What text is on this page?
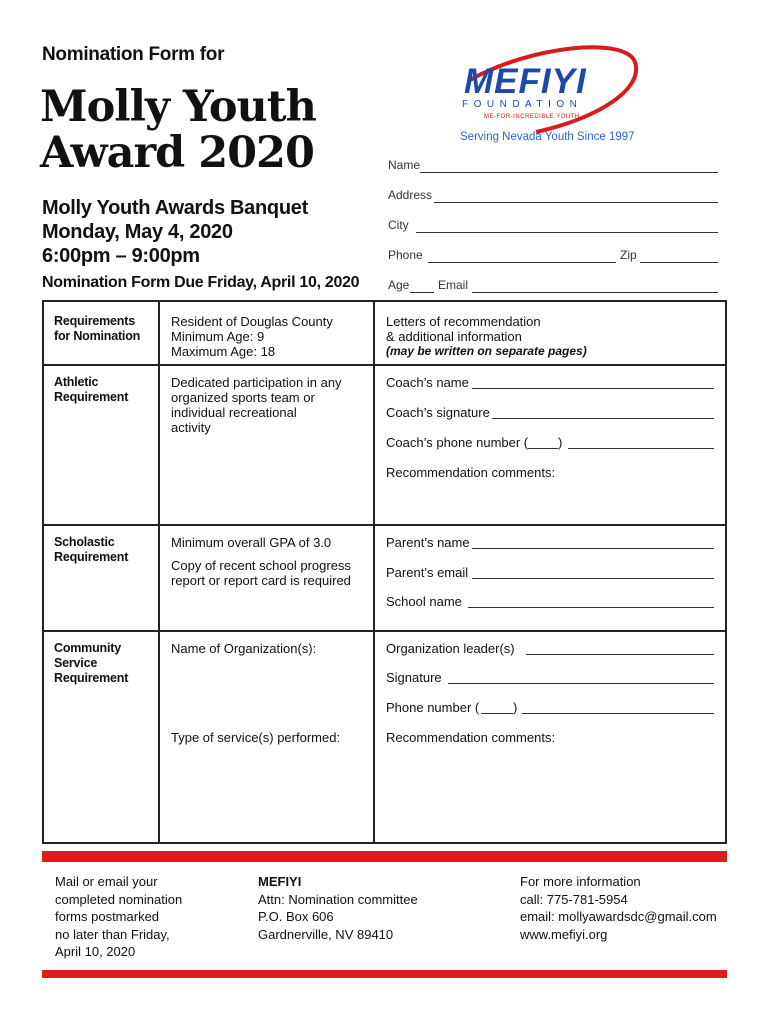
Nomination Form for
Molly Youth
Award 2020
Molly Youth Awards Banquet
Monday, May 4, 2020
6:00pm – 9:00pm
Nomination Form Due Friday, April 10, 2020
MEFIYI
FOUNDATION
ME-FOR-INCREDIBLE YOUTH
Serving Nevada Youth Since 1997
Name
Address
City
Phone	Zip
Age Email
Requirements
for Nomination
Resident of Douglas County
Minimum Age: 9
Maximum Age: 18
Letters of recommendation
& additional information
(may be written on separate pages)
Athletic
Requirement
Dedicated participation in any
organized sports team or
individual recreational
activity
Coach’s name
Coach’s signature
Coach’s phone number ( )
Recommendation comments:
Scholastic
Requirement
Minimum overall GPA of 3.0
Copy of recent school progress
report or report card is required
Parent’s name
Parent’s email
School name
Community
Service
Requirement
Name of Organization(s):
Type of service(s) performed:
Organization leader(s)
Signature
Phone number (	)
Recommendation comments:
Mail or email your
completed nomination
forms postmarked
no later than Friday,
April 10, 2020
MEFIYI
Attn: Nomination committee
P.O. Box 606
Gardnerville, NV 89410
For more information
call: 775-781-5954
email: mollyawardsdc@gmail.com
www.mefiyi.org
